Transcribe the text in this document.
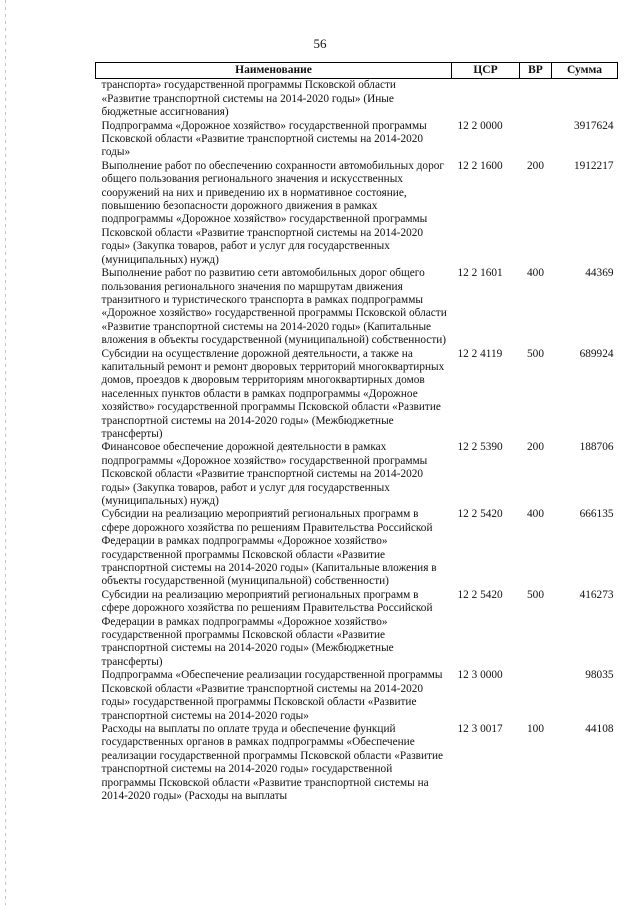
56
Наименование	ЦСР	ВР	Сумма
транспорта» государственной программы Псковской области «Развитие транспортной системы на 2014-2020 годы» (Иные бюджетные ассигнования)			
Подпрограмма «Дорожное хозяйство» государственной программы Псковской области «Развитие транспортной системы на 2014-2020 годы»	12 2 0000		3917624
Выполнение работ по обеспечению сохранности автомобильных дорог общего пользования регионального значения и искусственных сооружений на них и приведению их в нормативное состояние, повышению безопасности дорожного движения в рамках подпрограммы «Дорожное хозяйство» государственной программы Псковской области «Развитие транспортной системы на 2014-2020 годы» (Закупка товаров, работ и услуг для государственных (муниципальных) нужд)	12 2 1600	200	1912217
Выполнение работ по развитию сети автомобильных дорог общего пользования регионального значения по маршрутам движения транзитного и туристического транспорта в рамках подпрограммы «Дорожное хозяйство» государственной программы Псковской области «Развитие транспортной системы на 2014-2020 годы» (Капитальные вложения в объекты государственной (муниципальной) собственности)	12 2 1601	400	44369
Субсидии на осуществление дорожной деятельности, а также на капитальный ремонт и ремонт дворовых территорий многоквартирных домов, проездов к дворовым территориям многоквартирных домов населенных пунктов области в рамках подпрограммы «Дорожное хозяйство» государственной программы Псковской области «Развитие транспортной системы на 2014-2020 годы» (Межбюджетные трансферты)	12 2 4119	500	689924
Финансовое обеспечение дорожной деятельности в рамках подпрограммы «Дорожное хозяйство» государственной программы Псковской области «Развитие транспортной системы на 2014-2020 годы» (Закупка товаров, работ и услуг для государственных (муниципальных) нужд)	12 2 5390	200	188706
Субсидии на реализацию мероприятий региональных программ в сфере дорожного хозяйства по решениям Правительства Российской Федерации в рамках подпрограммы «Дорожное хозяйство» государственной программы Псковской области «Развитие транспортной системы на 2014-2020 годы» (Капитальные вложения в объекты государственной (муниципальной) собственности)	12 2 5420	400	666135
Субсидии на реализацию мероприятий региональных программ в сфере дорожного хозяйства по решениям Правительства Российской Федерации в рамках подпрограммы «Дорожное хозяйство» государственной программы Псковской области «Развитие транспортной системы на 2014-2020 годы» (Межбюджетные трансферты)	12 2 5420	500	416273
Подпрограмма «Обеспечение реализации государственной программы Псковской области «Развитие транспортной системы на 2014-2020 годы» государственной программы Псковской области «Развитие транспортной системы на 2014-2020 годы»	12 3 0000		98035
Расходы на выплаты по оплате труда и обеспечение функций государственных органов в рамках подпрограммы «Обеспечение реализации государственной программы Псковской области «Развитие транспортной системы на 2014-2020 годы» государственной программы Псковской области «Развитие транспортной системы на 2014-2020 годы» (Расходы на выплаты	12 3 0017	100	44108
